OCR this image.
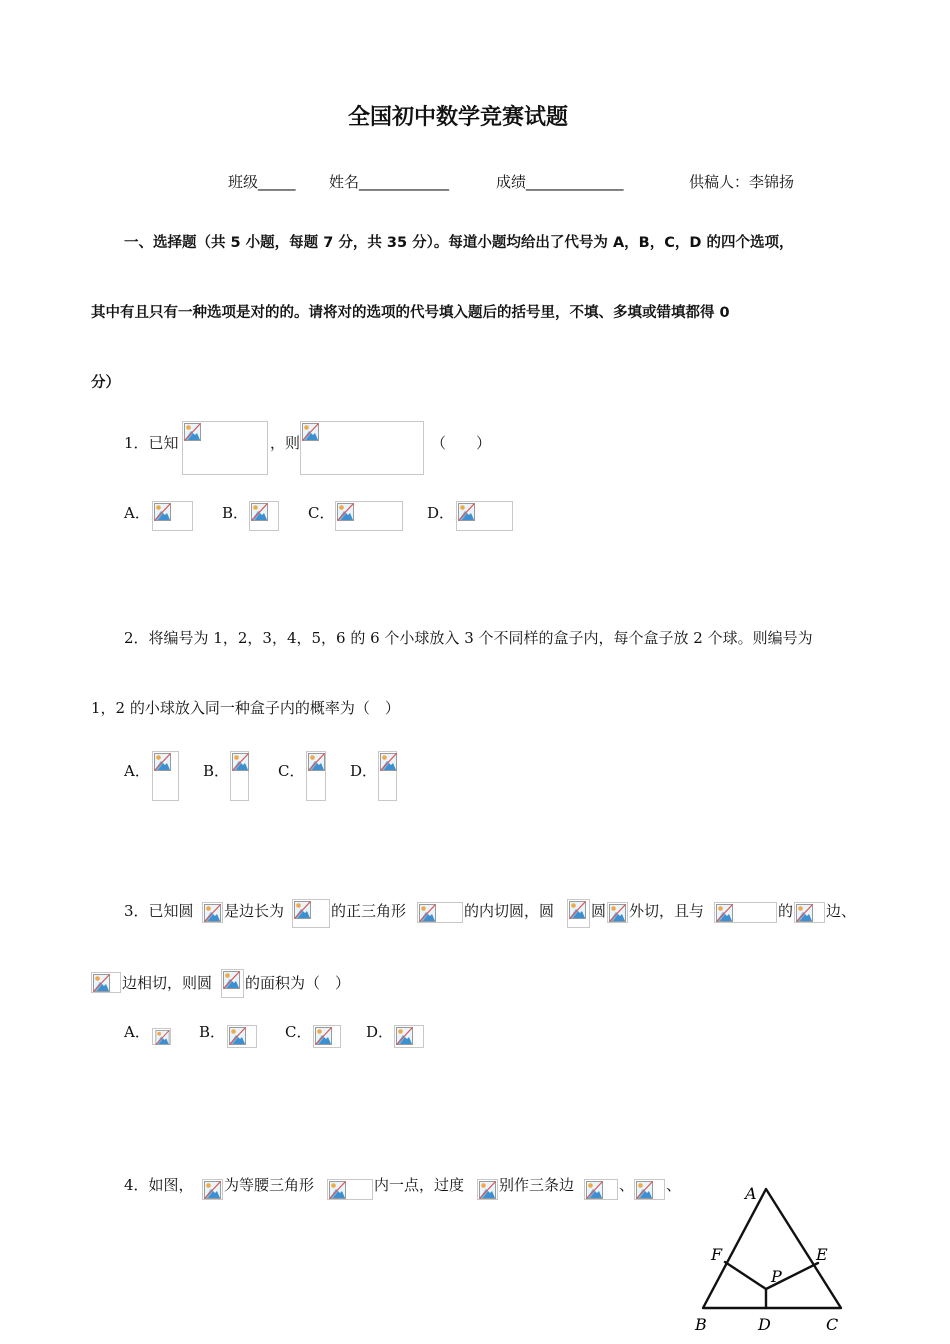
全国初中数学竞赛试题
班级_____ 姓名____________	成绩_____________	供稿人：李锦扬
一、选择题（共 5 小题，每题 7 分，共 35 分）。每道小题均给出了代号为 A，B，C，D 的四个选项，
其中有且只有一种选项是对的的。请将对的选项的代号填入题后的括号里，不填、多填或错填都得 0
分）
1．已知	，则	（　　）
A．	B．	C．	D．
2．将编号为 1，2，3，4，5，6 的 6 个小球放入 3 个不同样的盒子内，每个盒子放 2 个球。则编号为
1，2 的小球放入同一种盒子内的概率为（　）
A．	B．	C．	D．
3．已知圆 是边长为	的正三角形	的内切圆，圆 圆 外切，且与	的 边、
边相切，则圆 的面积为（　）
A．	B．	C．	D．
4．如图， 为等腰三角形	内一点，过度 别作三条边	、 、	A
F	E
P
B	D	C
